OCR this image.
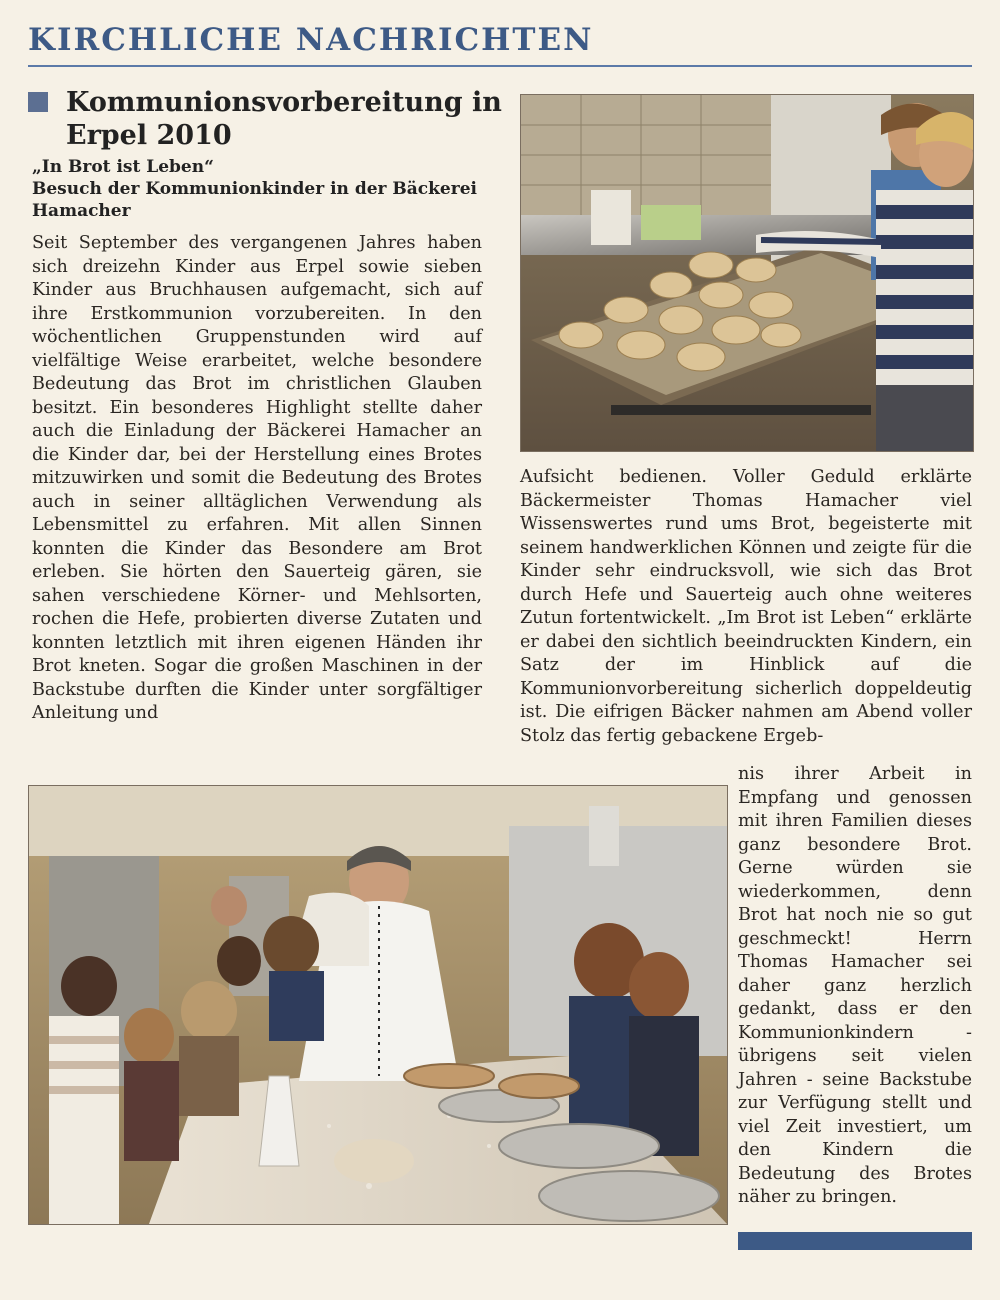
KIRCHLICHE NACHRICHTEN
Kommunionsvorbereitung in Erpel 2010
„In Brot ist Leben“
Besuch der Kommunionkinder in der Bäckerei Hamacher

Seit September des vergangenen Jahres haben sich dreizehn Kinder aus Erpel sowie sieben Kinder aus Bruchhausen aufgemacht, sich auf ihre Erstkommunion vorzubereiten. In den wöchentlichen Gruppenstunden wird auf vielfältige Weise erarbeitet, welche besondere Bedeutung das Brot im christlichen Glauben besitzt. Ein besonderes Highlight stellte daher auch die Einladung der Bäckerei Hamacher an die Kinder dar, bei der Herstellung eines Brotes mitzuwirken und somit die Bedeutung des Brotes auch in seiner alltäglichen Verwendung als Lebensmittel zu erfahren. Mit allen Sinnen konnten die Kinder das Besondere am Brot erleben. Sie hörten den Sauerteig gären, sie sahen verschiedene Körner- und Mehlsorten, rochen die Hefe, probierten diverse Zutaten und konnten letztlich mit ihren eigenen Händen ihr Brot kneten. Sogar die großen Maschinen in der Backstube durften die Kinder unter sorgfältiger Anleitung und

Aufsicht bedienen. Voller Geduld erklärte Bäckermeister Thomas Hamacher viel Wissenswertes rund ums Brot, begeisterte mit seinem handwerklichen Können und zeigte für die Kinder sehr eindrucksvoll, wie sich das Brot durch Hefe und Sauerteig auch ohne weiteres Zutun fortentwickelt. „Im Brot ist Leben“ erklärte er dabei den sichtlich beeindruckten Kindern, ein Satz der im Hinblick auf die Kommunionvorbereitung sicherlich doppeldeutig ist. Die eifrigen Bäcker nahmen am Abend voller Stolz das fertig gebackene Ergeb-

nis ihrer Arbeit in Empfang und genossen mit ihren Familien dieses ganz besondere Brot. Gerne würden sie wiederkommen, denn Brot hat noch nie so gut geschmeckt! Herrn Thomas Hamacher sei daher ganz herzlich gedankt, dass er den Kommunionkindern - übrigens seit vielen Jahren - seine Backstube zur Verfügung stellt und viel Zeit investiert, um den Kindern die Bedeutung des Brotes näher zu bringen.
